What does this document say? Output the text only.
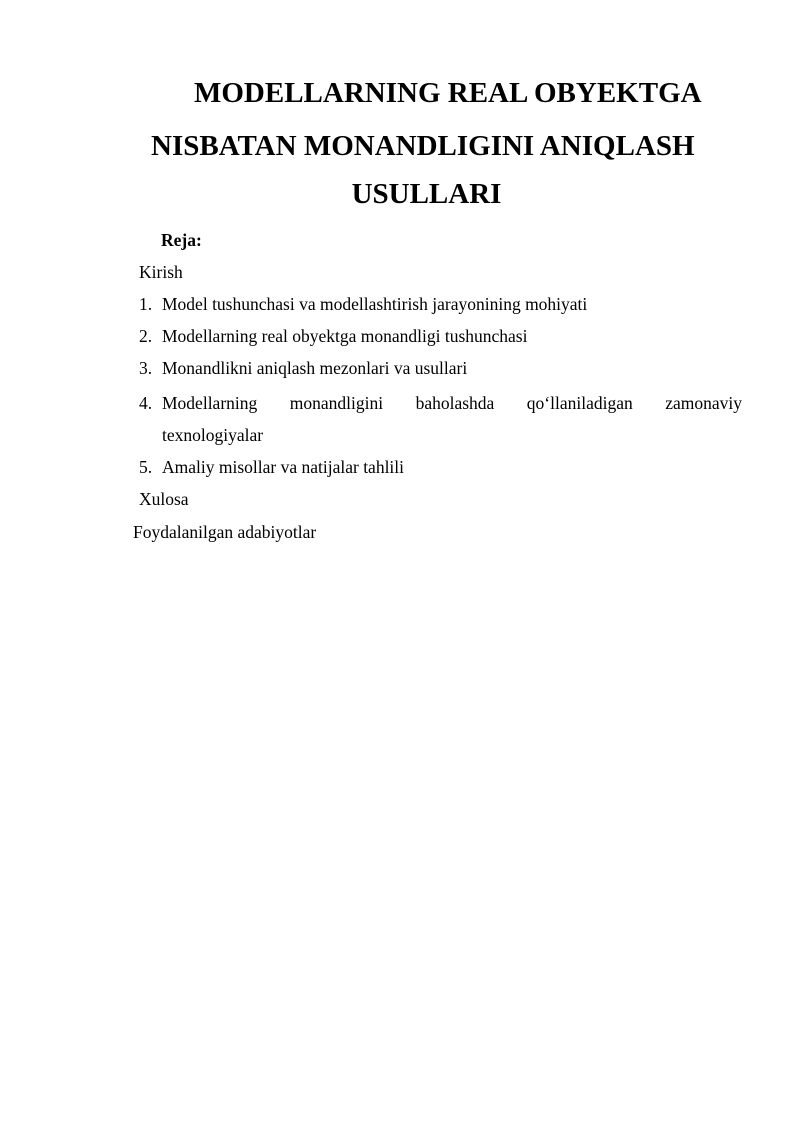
MODELLARNING REAL OBYEKTGA
NISBATAN MONANDLIGINI ANIQLASH
USULLARI
Reja:
Kirish
1. Model tushunchasi va modellashtirish jarayonining mohiyati
2. Modellarning real obyektga monandligi tushunchasi
3. Monandlikni aniqlash mezonlari va usullari
4. Modellarning monandligini baholashda qo‘llaniladigan zamonaviy
texnologiyalar
5. Amaliy misollar va natijalar tahlili
Xulosa
Foydalanilgan adabiyotlar
